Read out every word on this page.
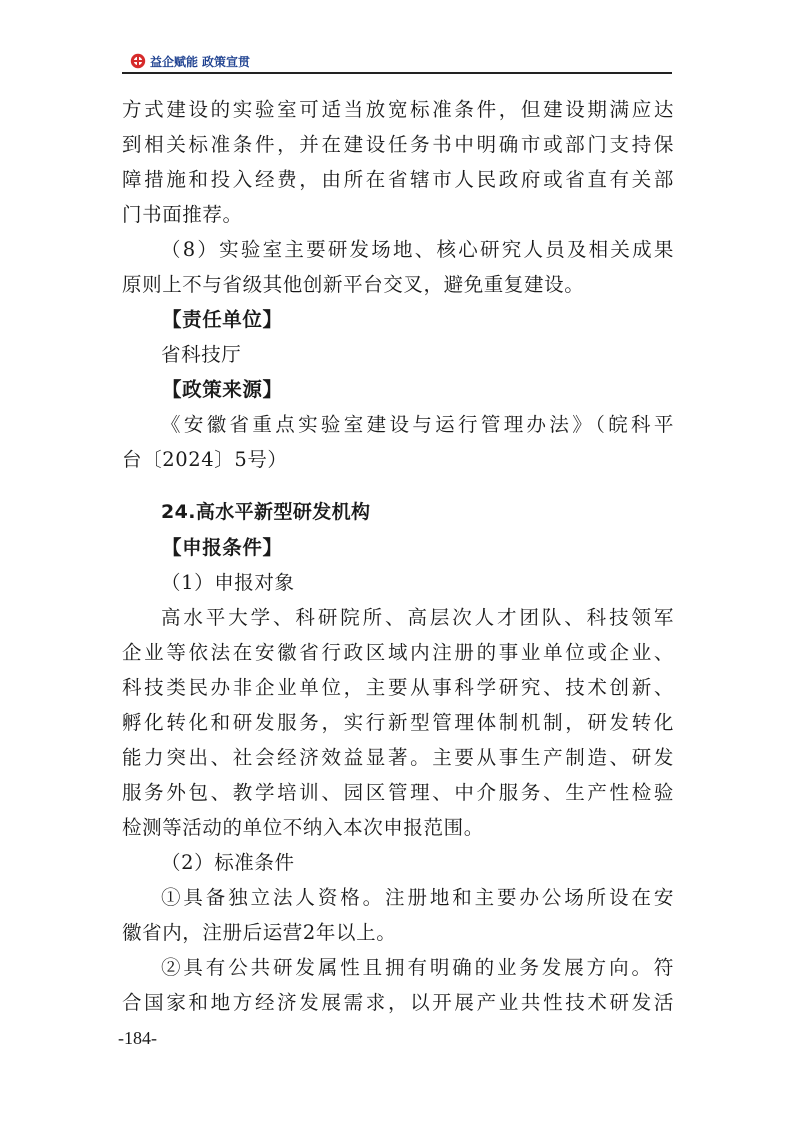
益企赋能 政策宣贯
方式建设的实验室可适当放宽标准条件，但建设期满应达
到相关标准条件，并在建设任务书中明确市或部门支持保
障措施和投入经费，由所在省辖市人民政府或省直有关部
门书面推荐。
（8）实验室主要研发场地、核心研究人员及相关成果
原则上不与省级其他创新平台交叉，避免重复建设。
【责任单位】
省科技厅
【政策来源】
《安徽省重点实验室建设与运行管理办法》（皖科平
台〔2024〕5号）
24.高水平新型研发机构
【申报条件】
（1）申报对象
高水平大学、科研院所、高层次人才团队、科技领军
企业等依法在安徽省行政区域内注册的事业单位或企业、
科技类民办非企业单位，主要从事科学研究、技术创新、
孵化转化和研发服务，实行新型管理体制机制，研发转化
能力突出、社会经济效益显著。主要从事生产制造、研发
服务外包、教学培训、园区管理、中介服务、生产性检验
检测等活动的单位不纳入本次申报范围。
（2）标准条件
①具备独立法人资格。注册地和主要办公场所设在安
徽省内，注册后运营2年以上。
②具有公共研发属性且拥有明确的业务发展方向。符
合国家和地方经济发展需求，以开展产业共性技术研发活
-184-
